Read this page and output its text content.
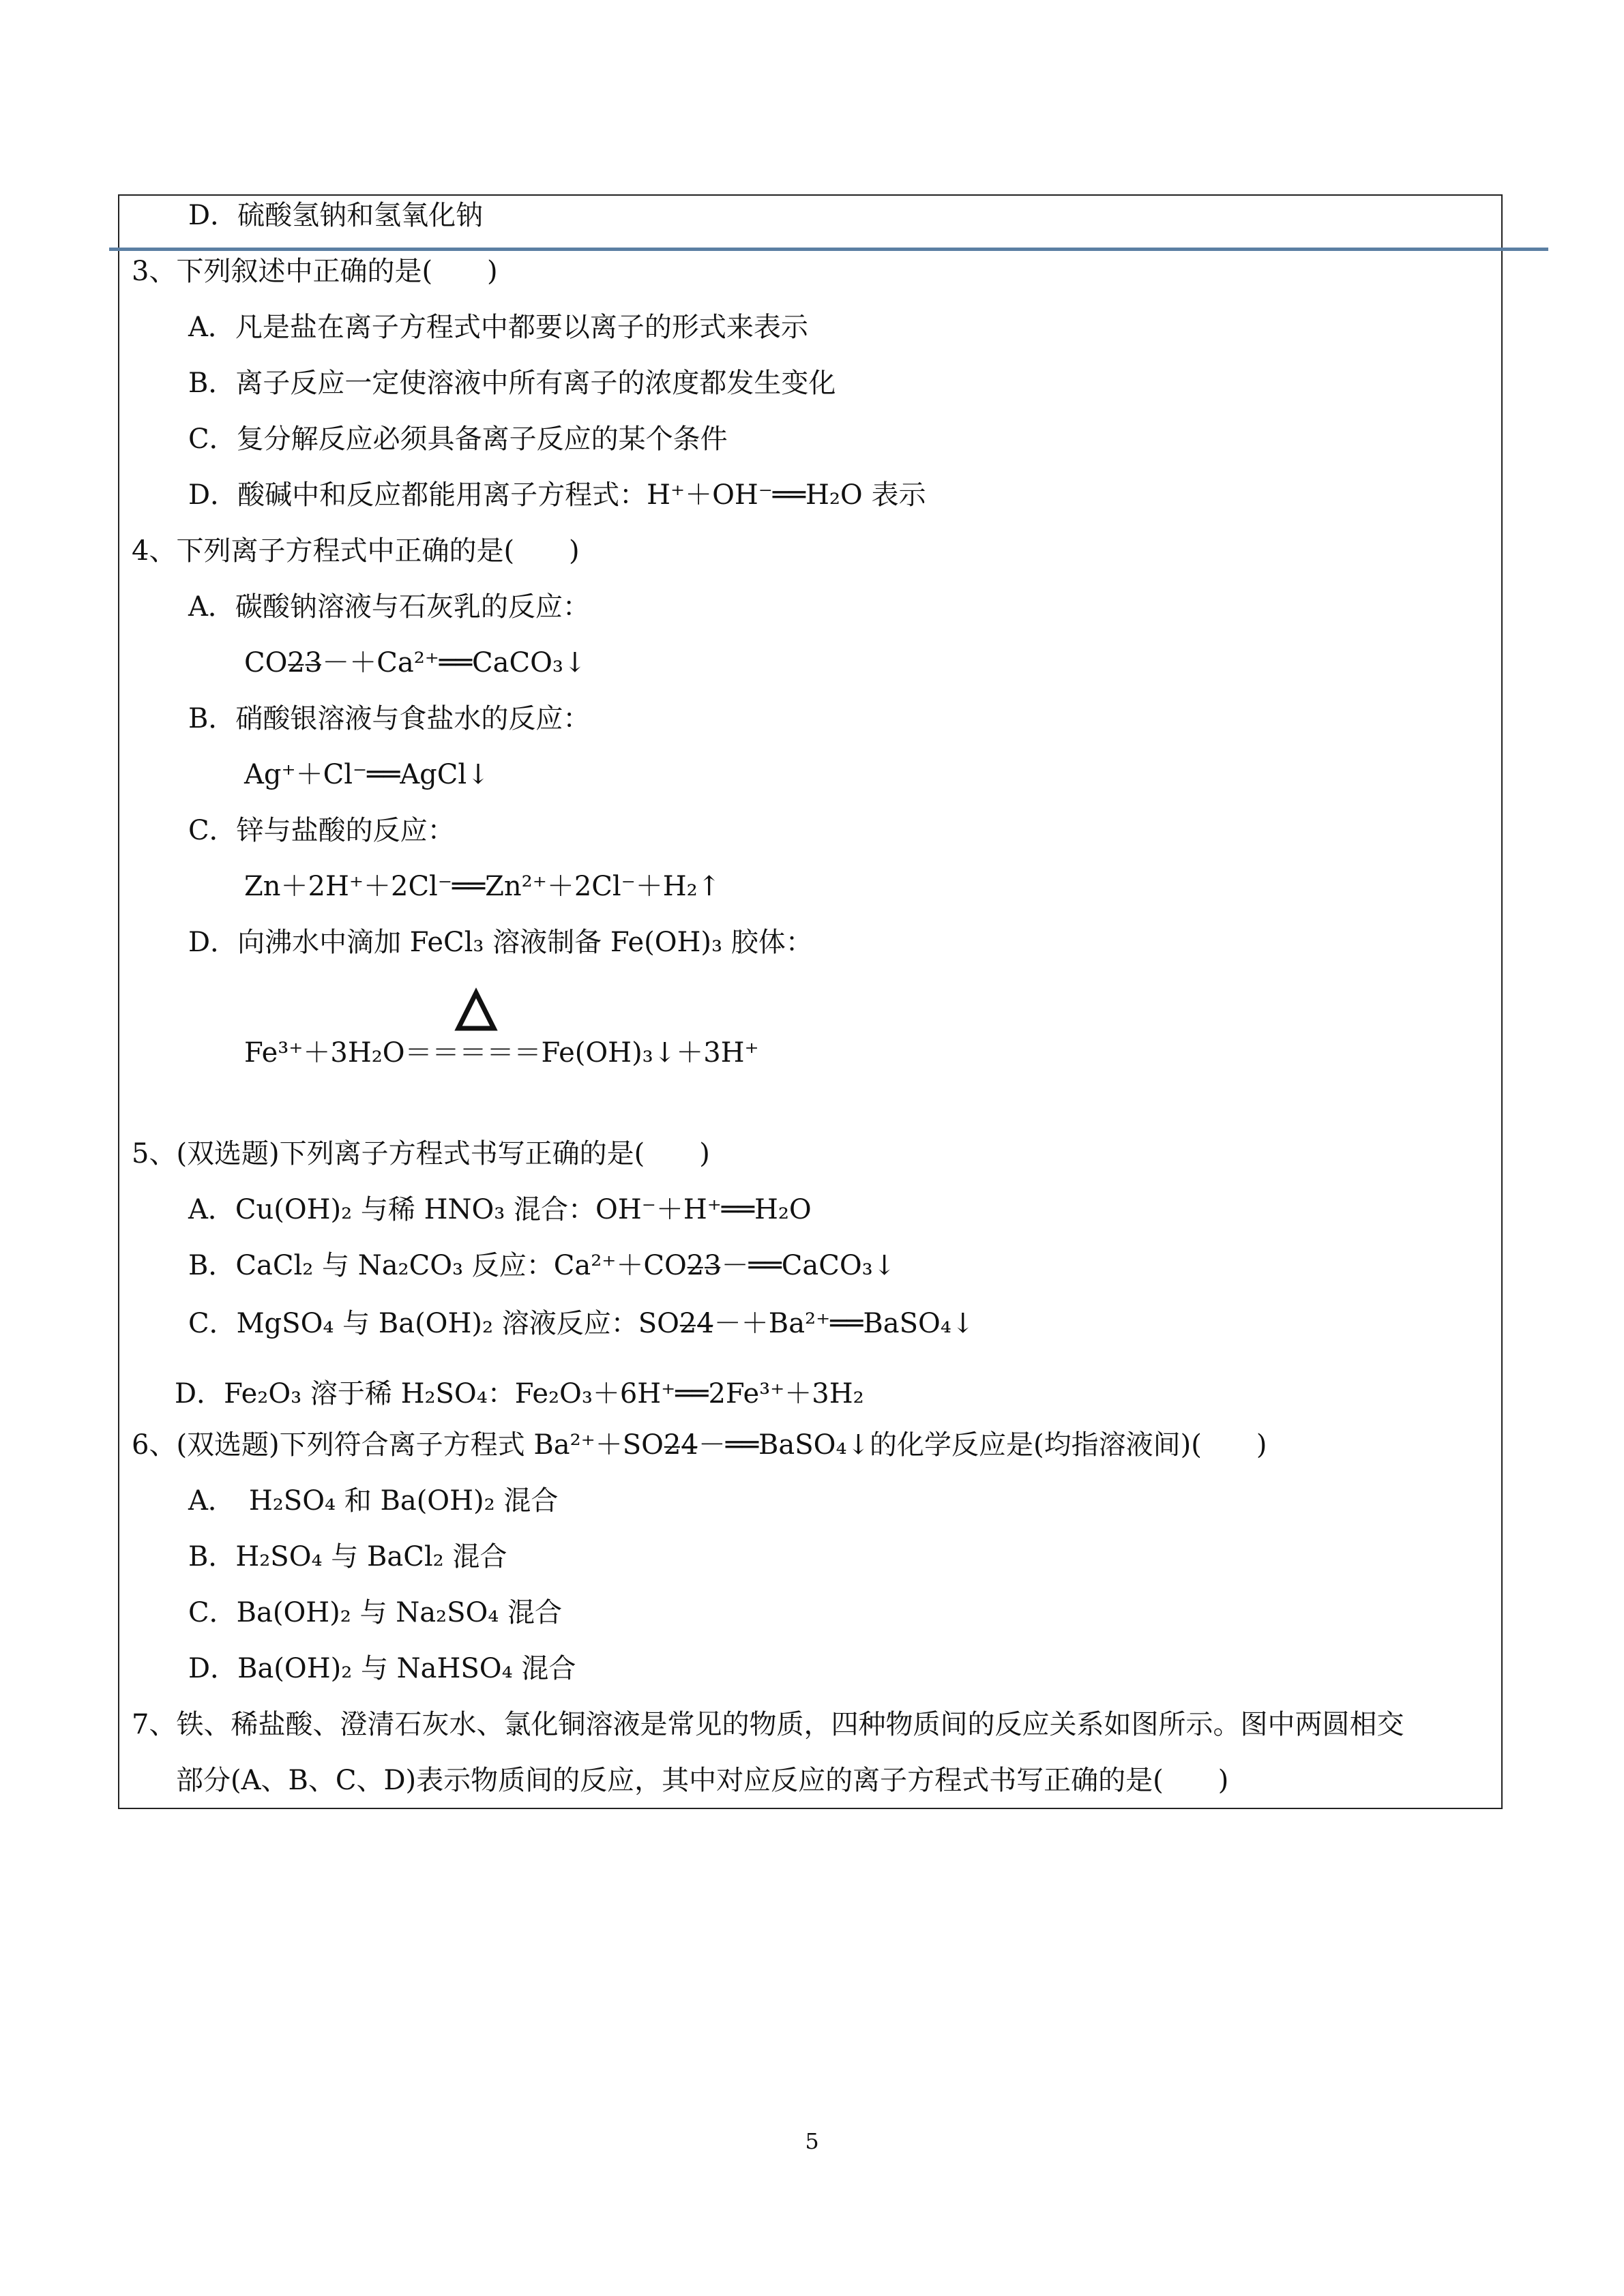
D．硫酸氢钠和氢氧化钠

3、下列叙述中正确的是(　　)

A．凡是盐在离子方程式中都要以离子的形式来表示

B．离子反应一定使溶液中所有离子的浓度都发生变化

C．复分解反应必须具备离子反应的某个条件

D．酸碱中和反应都能用离子方程式：H⁺＋OH⁻══H₂O 表示

4、下列离子方程式中正确的是(　　)

A．碳酸钠溶液与石灰乳的反应：

CO2̶3̶－＋Ca²⁺══CaCO₃↓

B．硝酸银溶液与食盐水的反应：

Ag⁺＋Cl⁻══AgCl↓

C．锌与盐酸的反应：

Zn＋2H⁺＋2Cl⁻══Zn²⁺＋2Cl⁻＋H₂↑

D．向沸水中滴加 FeCl₃ 溶液制备 Fe(OH)₃ 胶体：

Fe³⁺＋3H₂O＝＝＝＝＝Fe(OH)₃↓＋3H⁺

5、(双选题)下列离子方程式书写正确的是(　　)

A．Cu(OH)₂ 与稀 HNO₃ 混合：OH⁻＋H⁺══H₂O

B．CaCl₂ 与 Na₂CO₃ 反应：Ca²⁺＋CO2̶3̶－══CaCO₃↓

C．MgSO₄ 与 Ba(OH)₂ 溶液反应：SO2̶4̶－＋Ba²⁺══BaSO₄↓

D．Fe₂O₃ 溶于稀 H₂SO₄：Fe₂O₃＋6H⁺══2Fe³⁺＋3H₂

6、(双选题)下列符合离子方程式 Ba²⁺＋SO2̶4̶－══BaSO₄↓的化学反应是(均指溶液间)(　　)

A．　H₂SO₄ 和 Ba(OH)₂ 混合

B．H₂SO₄ 与 BaCl₂ 混合

C．Ba(OH)₂ 与 Na₂SO₄ 混合

D．Ba(OH)₂ 与 NaHSO₄ 混合

7、铁、稀盐酸、澄清石灰水、氯化铜溶液是常见的物质，四种物质间的反应关系如图所示。图中两圆相交

部分(A、B、C、D)表示物质间的反应，其中对应反应的离子方程式书写正确的是(　　)

5
